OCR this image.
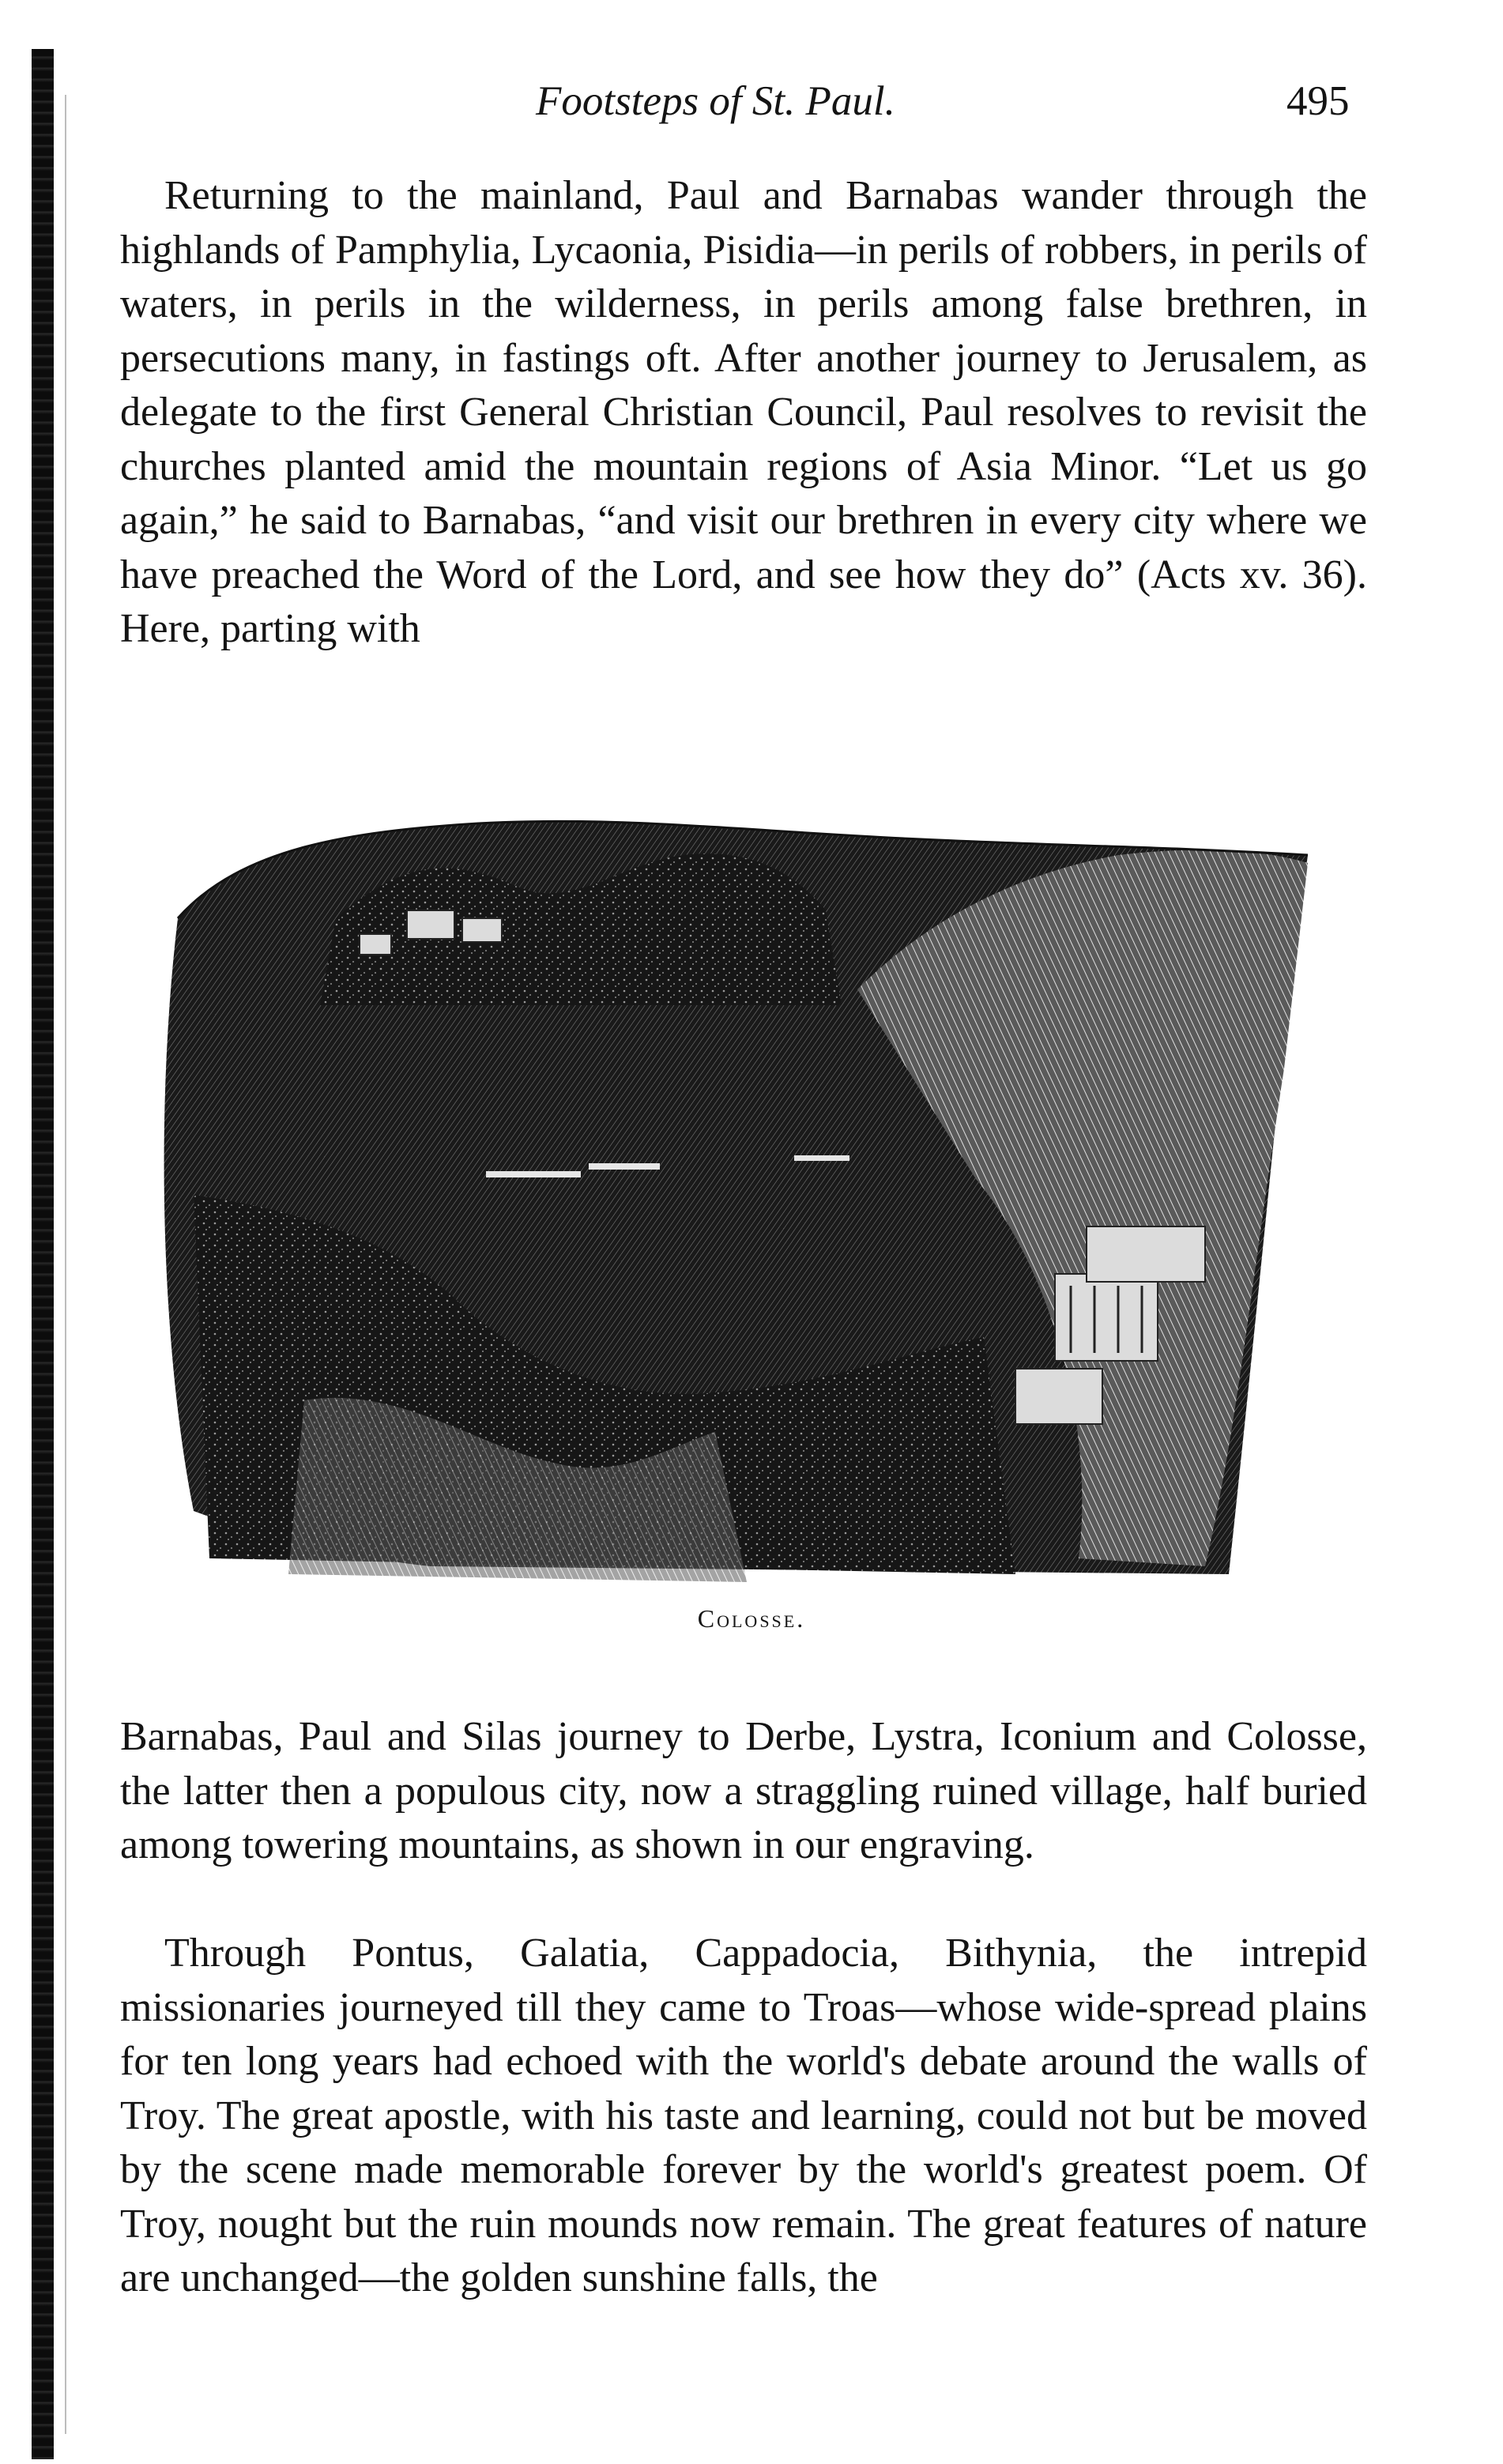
Footsteps of St. Paul.	495

Returning to the mainland, Paul and Barnabas wander through the highlands of Pamphylia, Lycaonia, Pisidia—in perils of robbers, in perils of waters, in perils in the wilderness, in perils among false brethren, in persecutions many, in fastings oft. After another journey to Jerusalem, as delegate to the first General Christian Council, Paul resolves to revisit the churches planted amid the mountain regions of Asia Minor. “Let us go again,” he said to Barnabas, “and visit our brethren in every city where we have preached the Word of the Lord, and see how they do” (Acts xv. 36). Here, parting with

Colosse.

Barnabas, Paul and Silas journey to Derbe, Lystra, Iconium and Colosse, the latter then a populous city, now a straggling ruined village, half buried among towering mountains, as shown in our engraving.

Through Pontus, Galatia, Cappadocia, Bithynia, the intrepid missionaries journeyed till they came to Troas—whose wide-spread plains for ten long years had echoed with the world's debate around the walls of Troy. The great apostle, with his taste and learning, could not but be moved by the scene made memorable forever by the world's greatest poem. Of Troy, nought but the ruin mounds now remain. The great features of nature are unchanged—the golden sunshine falls, the
